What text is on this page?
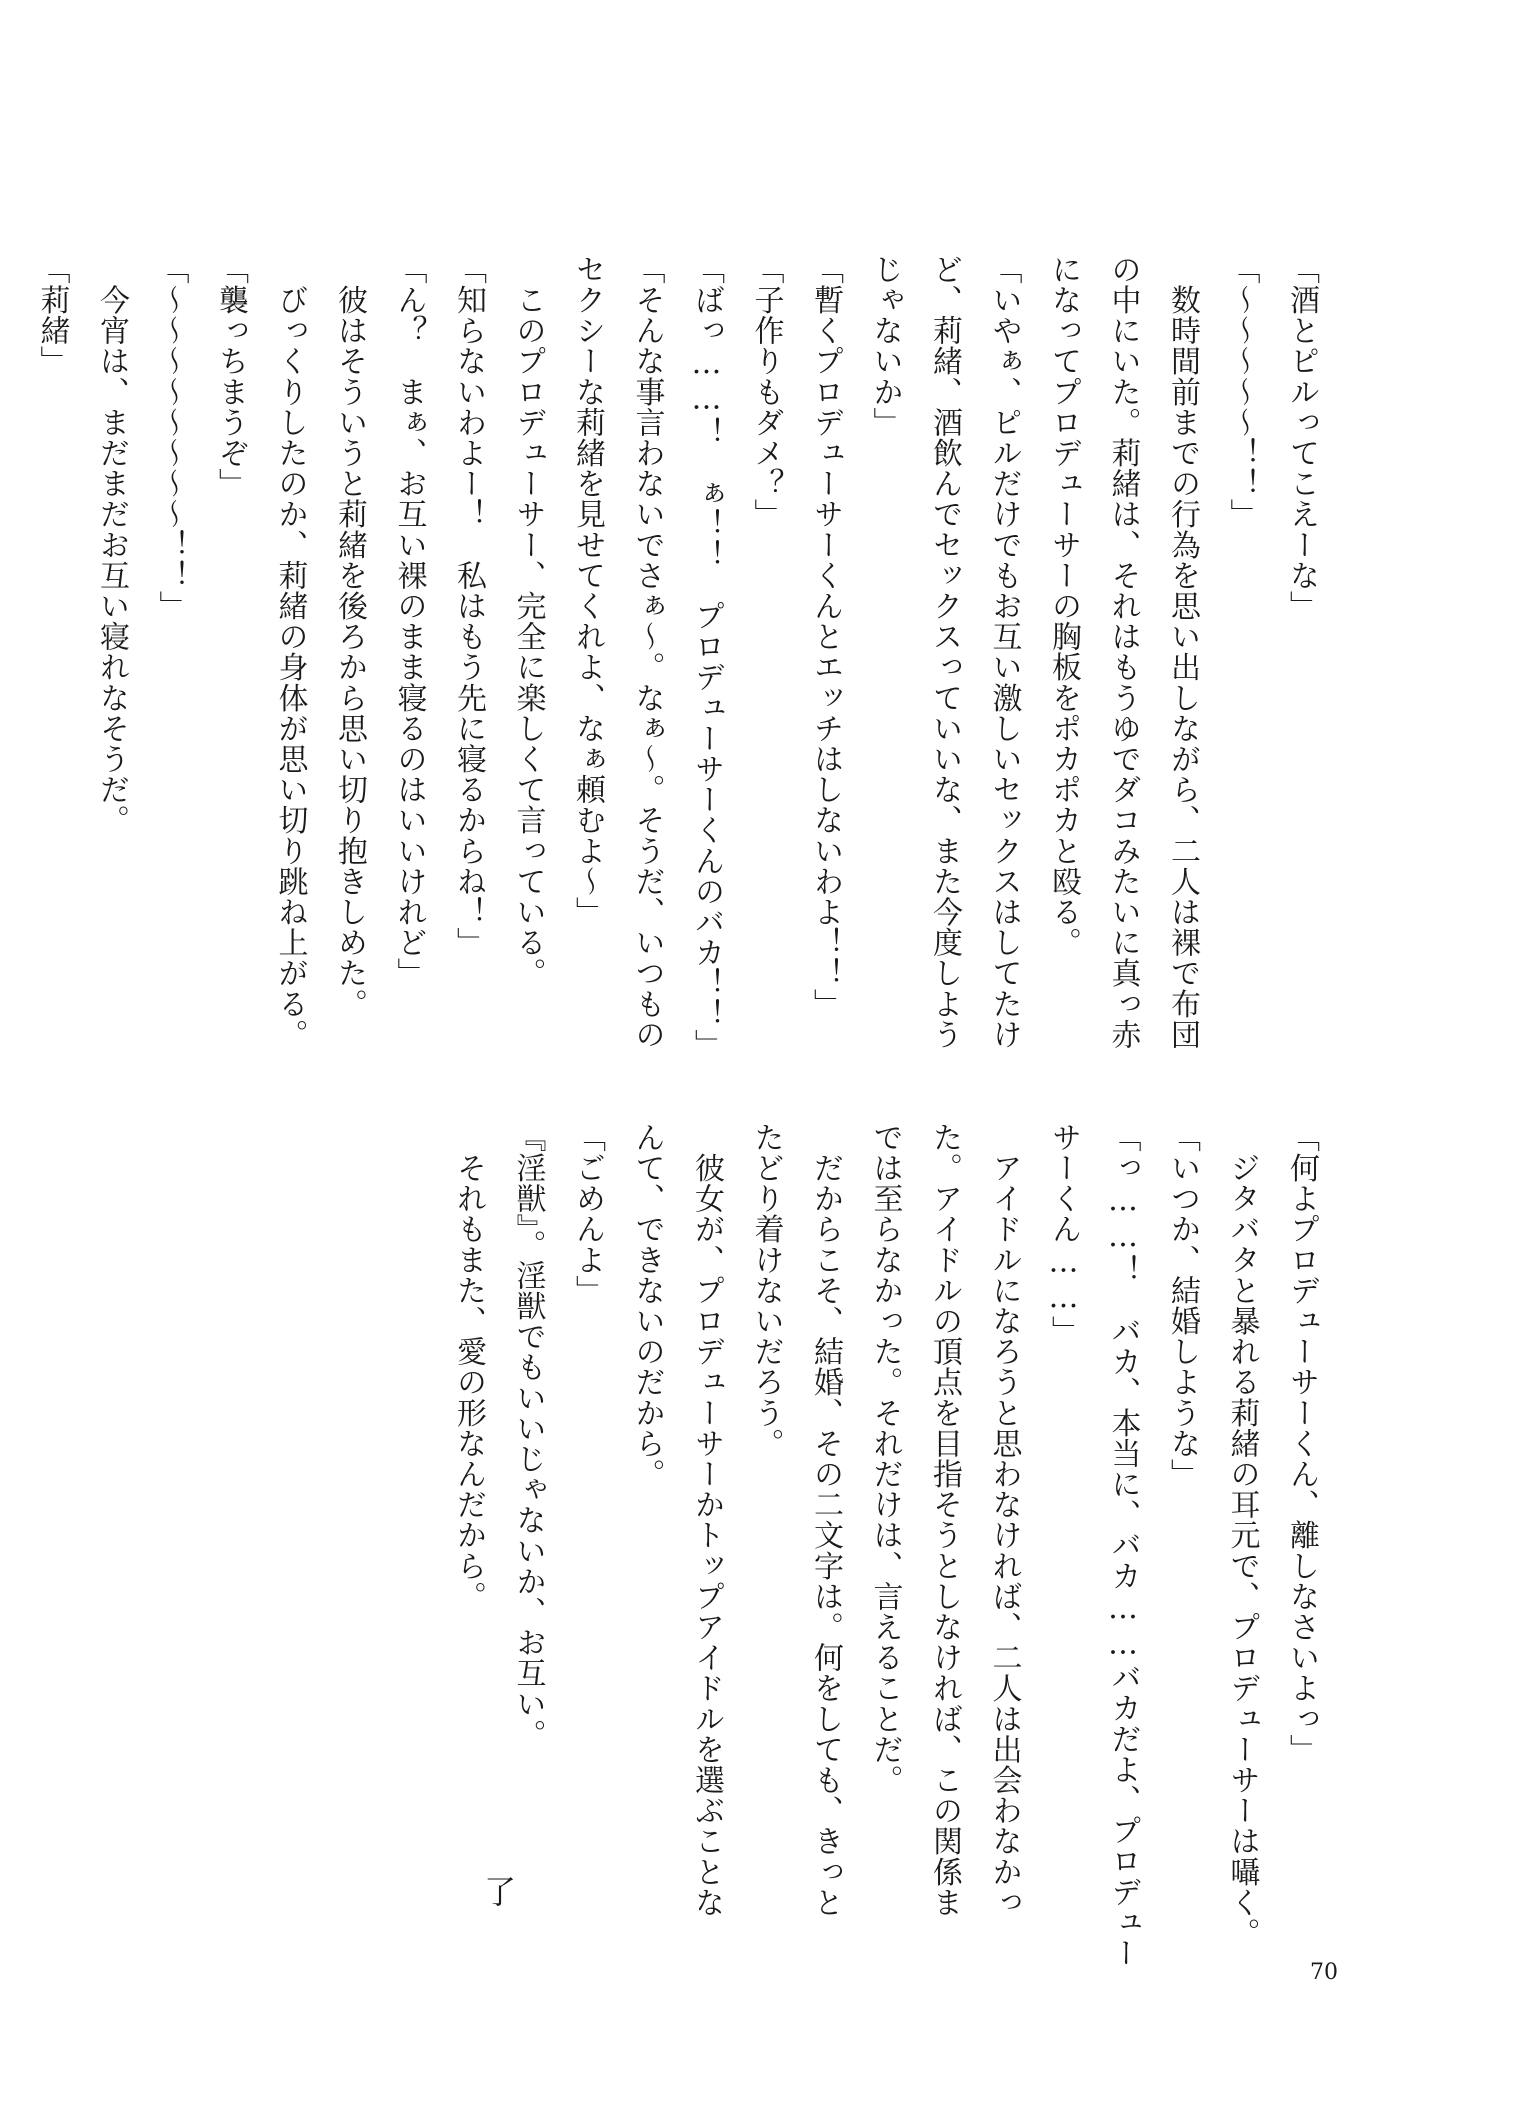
「酒とピルってこえーな」
「〜〜〜〜〜！！」
　数時間前までの行為を思い出しながら、二人は裸で布団
の中にいた。莉緒は、それはもうゆでダコみたいに真っ赤
になってプロデューサーの胸板をポカポカと殴る。
「いやぁ、ピルだけでもお互い激しいセックスはしてたけ
ど、莉緒、酒飲んでセックスっていいな、また今度しよう
じゃないか」
「暫くプロデューサーくんとエッチはしないわよ！！」
「子作りもダメ？」
「ばっ……！　ぁ！！　プロデューサーくんのバカ！！」
「そんな事言わないでさぁ〜。なぁ〜。そうだ、いつもの
セクシーな莉緒を見せてくれよ、なぁ頼むよ〜」
　このプロデューサー、完全に楽しくて言っている。
「知らないわよー！　私はもう先に寝るからね！」
「ん？　まぁ、お互い裸のまま寝るのはいいけれど」
　彼はそういうと莉緒を後ろから思い切り抱きしめた。
　びっくりしたのか、莉緒の身体が思い切り跳ね上がる。
「襲っちまうぞ」
「〜〜〜〜〜〜〜〜！！」
　今宵は、まだまだお互い寝れなそうだ。
「莉緒」
「何よプロデューサーくん、離しなさいよっ」
　ジタバタと暴れる莉緒の耳元で、プロデューサーは囁く。
「いつか、結婚しような」
「っ……！　バカ、本当に、バカ……バカだよ、プロデュー
サーくん……」
　アイドルになろうと思わなければ、二人は出会わなかっ
た。アイドルの頂点を目指そうとしなければ、この関係ま
では至らなかった。それだけは、言えることだ。
　だからこそ、結婚、その二文字は。何をしても、きっと
たどり着けないだろう。
　彼女が、プロデューサーかトップアイドルを選ぶことな
んて、できないのだから。
「ごめんよ」
『淫獣』。淫獣でもいいじゃないか、お互い。
　それもまた、愛の形なんだから。
了
70
